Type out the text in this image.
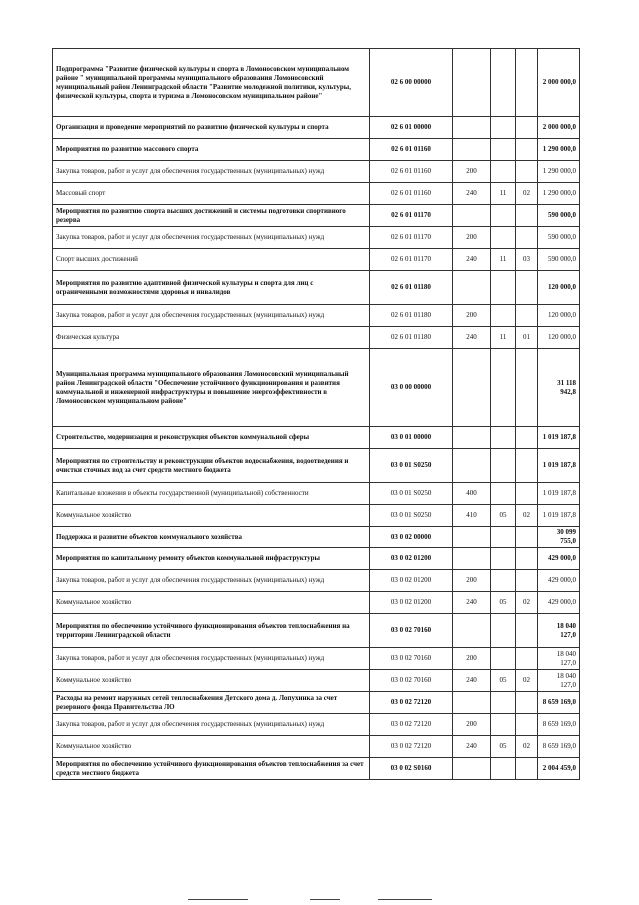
Подпрограмма "Развитие физической культуры и спорта в Ломоносовском муниципальном районе " муниципальной программы муниципального образования Ломоносовский муниципальный район Ленинградской области "Развитие молодежной политики, культуры, физической культуры, спорта и туризма в Ломоносовском муниципальном районе"	02 6 00 00000				2 000 000,0
Организация и проведение мероприятий по развитию физической культуры и спорта	02 6 01 00000				2 000 000,0
Мероприятия по развитию массового спорта	02 6 01 01160				1 290 000,0
Закупка товаров, работ и услуг для обеспечения государственных (муниципальных) нужд	02 6 01 01160	200			1 290 000,0
Массовый спорт	02 6 01 01160	240	11	02	1 290 000,0
Мероприятия по развитию спорта высших достижений и системы подготовки спортивного резерва	02 6 01 01170				590 000,0
Закупка товаров, работ и услуг для обеспечения государственных (муниципальных) нужд	02 6 01 01170	200			590 000,0
Спорт высших достижений	02 6 01 01170	240	11	03	590 000,0
Мероприятия по развитию адаптивной физической культуры и спорта для лиц с ограниченными возможностями здоровья и инвалидов	02 6 01 01180				120 000,0
Закупка товаров, работ и услуг для обеспечения государственных (муниципальных) нужд	02 6 01 01180	200			120 000,0
Физическая культура	02 6 01 01180	240	11	01	120 000,0
Муниципальная программа муниципального образования Ломоносовский муниципальный район Ленинградской области "Обеспечение устойчивого функционирования и развития коммунальной и инженерной инфраструктуры и повышение энергоэффективности в Ломоносовском муниципальном районе"	03 0 00 00000				31 118 942,8
Строительство, модернизация и реконструкция объектов коммунальной сферы	03 0 01 00000				1 019 187,8
Мероприятия по строительству и реконструкции объектов водоснабжения, водоотведения и очистки сточных вод за счет средств местного бюджета	03 0 01 S0250				1 019 187,8
Капитальные вложения в объекты государственной (муниципальной) собственности	03 0 01 S0250	400			1 019 187,8
Коммунальное хозяйство	03 0 01 S0250	410	05	02	1 019 187,8
Поддержка и развитие объектов коммунального хозяйства	03 0 02 00000				30 099 755,0
Мероприятия по капитальному ремонту объектов коммунальной инфраструктуры	03 0 02 01200				429 000,0
Закупка товаров, работ и услуг для обеспечения государственных (муниципальных) нужд	03 0 02 01200	200			429 000,0
Коммунальное хозяйство	03 0 02 01200	240	05	02	429 000,0
Мероприятия по обеспечению устойчивого функционирования объектов теплоснабжения на территории Ленинградской области	03 0 02 70160				18 040 127,0
Закупка товаров, работ и услуг для обеспечения государственных (муниципальных) нужд	03 0 02 70160	200			18 040 127,0
Коммунальное хозяйство	03 0 02 70160	240	05	02	18 040 127,0
Расходы на ремонт наружных сетей теплоснабжения Детского дома д. Лопухинка за счет резервного фонда Правительства ЛО	03 0 02 72120				8 659 169,0
Закупка товаров, работ и услуг для обеспечения государственных (муниципальных) нужд	03 0 02 72120	200			8 659 169,0
Коммунальное хозяйство	03 0 02 72120	240	05	02	8 659 169,0
Мероприятия по обеспечению устойчивого функционирования объектов теплоснабжения за счет средств местного бюджета	03 0 02 S0160				2 004 459,0
